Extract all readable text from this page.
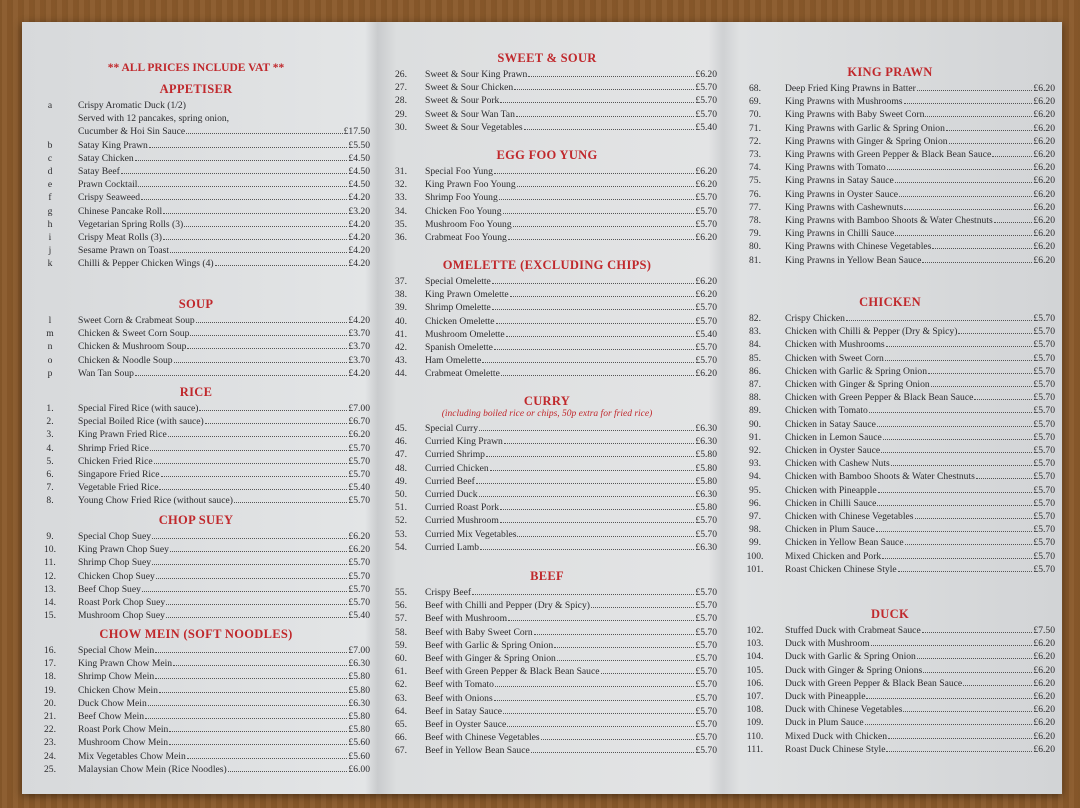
** ALL PRICES INCLUDE VAT **
APPETISER
a	Crispy Aromatic Duck (1/2)
Served with 12 pancakes, spring onion,
Cucumber & Hoi Sin Sauce	£17.50
b	Satay King Prawn	£5.50
c	Satay Chicken	£4.50
d	Satay Beef	£4.50
e	Prawn Cocktail	£4.50
f	Crispy Seaweed	£4.20
g	Chinese Pancake Roll	£3.20
h	Vegetarian Spring Rolls (3)	£4.20
i	Crispy Meat Rolls (3)	£4.20
j	Sesame Prawn on Toast	£4.20
k	Chilli & Pepper Chicken Wings (4)	£4.20
SOUP
l	Sweet Corn & Crabmeat Soup	£4.20
m	Chicken & Sweet Corn Soup	£3.70
n	Chicken & Mushroom Soup	£3.70
o	Chicken & Noodle Soup	£3.70
p	Wan Tan Soup	£4.20
RICE
1.	Special Fired Rice (with sauce)	£7.00
2.	Special Boiled Rice (with sauce)	£6.70
3.	King Prawn Fried Rice	£6.20
4.	Shrimp Fried Rice	£5.70
5.	Chicken Fried Rice	£5.70
6.	Singapore Fried Rice	£5.70
7.	Vegetable Fried Rice	£5.40
8.	Young Chow Fried Rice (without sauce)	£5.70
CHOP SUEY
9.	Special Chop Suey	£6.20
10.	King Prawn Chop Suey	£6.20
11.	Shrimp Chop Suey	£5.70
12.	Chicken Chop Suey	£5.70
13.	Beef Chop Suey	£5.70
14.	Roast Pork Chop Suey	£5.70
15.	Mushroom Chop Suey	£5.40
CHOW MEIN (SOFT NOODLES)
16.	Special Chow Mein	£7.00
17.	King Prawn Chow Mein	£6.30
18.	Shrimp Chow Mein	£5.80
19.	Chicken Chow Mein	£5.80
20.	Duck Chow Mein	£6.30
21.	Beef Chow Mein	£5.80
22.	Roast Pork Chow Mein	£5.80
23.	Mushroom Chow Mein	£5.60
24.	Mix Vegetables Chow Mein	£5.60
25.	Malaysian Chow Mein (Rice Noodles)	£6.00
SWEET & SOUR
26.	Sweet & Sour King Prawn	£6.20
27.	Sweet & Sour Chicken	£5.70
28.	Sweet & Sour Pork	£5.70
29.	Sweet & Sour Wan Tan	£5.70
30.	Sweet & Sour Vegetables	£5.40
EGG FOO YUNG
31.	Special Foo Yung	£6.20
32.	King Prawn Foo Young	£6.20
33.	Shrimp Foo Young	£5.70
34.	Chicken Foo Young	£5.70
35.	Mushroom Foo Young	£5.70
36.	Crabmeat Foo Young	£6.20
OMELETTE (EXCLUDING CHIPS)
37.	Special Omelette	£6.20
38.	King Prawn Omelette	£6.20
39.	Shrimp Omelette	£5.70
40.	Chicken Omelette	£5.70
41.	Mushroom Omelette	£5.40
42.	Spanish Omelette	£5.70
43.	Ham Omelette	£5.70
44.	Crabmeat Omelette	£6.20
CURRY
(including boiled rice or chips, 50p extra for fried rice)
45.	Special Curry	£6.30
46.	Curried King Prawn	£6.30
47.	Curried Shrimp	£5.80
48.	Curried Chicken	£5.80
49.	Curried Beef	£5.80
50.	Curried Duck	£6.30
51.	Curried Roast Pork	£5.80
52.	Curried Mushroom	£5.70
53.	Curried Mix Vegetables	£5.70
54.	Curried Lamb	£6.30
BEEF
55.	Crispy Beef	£5.70
56.	Beef with Chilli and Pepper (Dry & Spicy)	£5.70
57.	Beef with Mushroom	£5.70
58.	Beef with Baby Sweet Corn	£5.70
59.	Beef with Garlic & Spring Onion	£5.70
60.	Beef with Ginger & Spring Onion	£5.70
61.	Beef with Green Pepper & Black Bean Sauce	£5.70
62.	Beef with Tomato	£5.70
63.	Beef with Onions	£5.70
64.	Beef in Satay Sauce	£5.70
65.	Beef in Oyster Sauce	£5.70
66.	Beef with Chinese Vegetables	£5.70
67.	Beef in Yellow Bean Sauce	£5.70
KING PRAWN
68.	Deep Fried King Prawns in Batter	£6.20
69.	King Prawns with Mushrooms	£6.20
70.	King Prawns with Baby Sweet Corn	£6.20
71.	King Prawns with Garlic & Spring Onion	£6.20
72.	King Prawns with Ginger & Spring Onion	£6.20
73.	King Prawns with Green Pepper & Black Bean Sauce	£6.20
74.	King Prawns with Tomato	£6.20
75.	King Prawns in Satay Sauce	£6.20
76.	King Prawns in Oyster Sauce	£6.20
77.	King Prawns with Cashewnuts	£6.20
78.	King Prawns with Bamboo Shoots & Water Chestnuts	£6.20
79.	King Prawns in Chilli Sauce	£6.20
80.	King Prawns with Chinese Vegetables	£6.20
81.	King Prawns in Yellow Bean Sauce	£6.20
CHICKEN
82.	Crispy Chicken	£5.70
83.	Chicken with Chilli & Pepper (Dry & Spicy)	£5.70
84.	Chicken with Mushrooms	£5.70
85.	Chicken with Sweet Corn	£5.70
86.	Chicken with Garlic & Spring Onion	£5.70
87.	Chicken with Ginger & Spring Onion	£5.70
88.	Chicken with Green Pepper & Black Bean Sauce	£5.70
89.	Chicken with Tomato	£5.70
90.	Chicken in Satay Sauce	£5.70
91.	Chicken in Lemon Sauce	£5.70
92.	Chicken in Oyster Sauce	£5.70
93.	Chicken with Cashew Nuts	£5.70
94.	Chicken with Bamboo Shoots & Water Chestnuts	£5.70
95.	Chicken with Pineapple	£5.70
96.	Chicken in Chilli Sauce	£5.70
97.	Chicken with Chinese Vegetables	£5.70
98.	Chicken in Plum Sauce	£5.70
99.	Chicken in Yellow Bean Sauce	£5.70
100.	Mixed Chicken and Pork	£5.70
101.	Roast Chicken Chinese Style	£5.70
DUCK
102.	Stuffed Duck with Crabmeat Sauce	£7.50
103.	Duck with Mushroom	£6.20
104.	Duck with Garlic & Spring Onion	£6.20
105.	Duck with Ginger & Spring Onions	£6.20
106.	Duck with Green Pepper & Black Bean Sauce	£6.20
107.	Duck with Pineapple	£6.20
108.	Duck with Chinese Vegetables	£6.20
109.	Duck in Plum Sauce	£6.20
110.	Mixed Duck with Chicken	£6.20
111.	Roast Duck Chinese Style	£6.20
